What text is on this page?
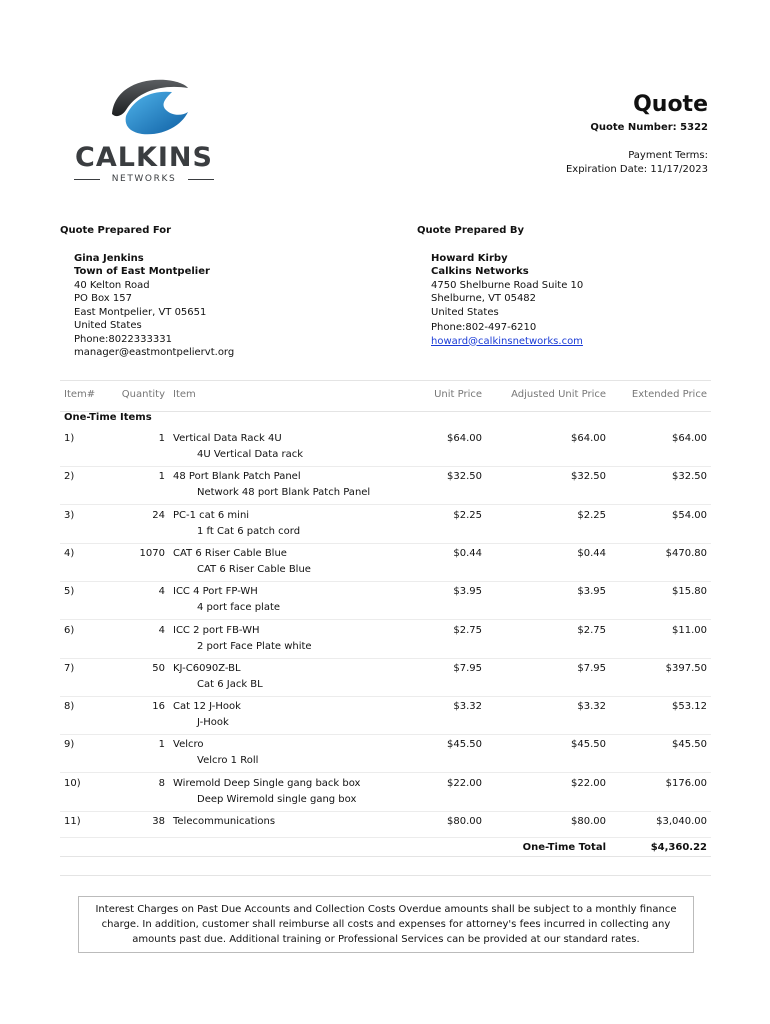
CALKINS
NETWORKS
Quote
Quote Number: 5322
Payment Terms:
Expiration Date: 11/17/2023
Quote Prepared For
Gina Jenkins
Town of East Montpelier
40 Kelton Road
PO Box 157
East Montpelier, VT 05651
United States
Phone:8022333331
manager@eastmontpeliervt.org
Quote Prepared By
Howard Kirby
Calkins Networks
4750 Shelburne Road Suite 10
Shelburne, VT 05482
United States
Phone:802-497-6210
howard@calkinsnetworks.com
Item#	Quantity Item	Unit Price	Adjusted Unit Price	Extended Price
One-Time Items
1)	1 Vertical Data Rack 4U
4U Vertical Data rack
$64.00	$64.00	$64.00
2)	1 48 Port Blank Patch Panel
Network 48 port Blank Patch Panel
$32.50	$32.50	$32.50
3)	24 PC-1 cat 6 mini
1 ft Cat 6 patch cord
$2.25	$2.25	$54.00
4)	1070 CAT 6 Riser Cable Blue
CAT 6 Riser Cable Blue
$0.44	$0.44	$470.80
5)	4 ICC 4 Port FP-WH
4 port face plate
$3.95	$3.95	$15.80
6)	4 ICC 2 port FB-WH
2 port Face Plate white
$2.75	$2.75	$11.00
7)	50 KJ-C6090Z-BL
Cat 6 Jack BL
$7.95	$7.95	$397.50
8)	16 Cat 12 J-Hook
J-Hook
$3.32	$3.32	$53.12
9)	1 Velcro
Velcro 1 Roll
$45.50	$45.50	$45.50
10)	8 Wiremold Deep Single gang back box
Deep Wiremold single gang box
$22.00	$22.00	$176.00
11)	38 Telecommunications	$80.00	$80.00	$3,040.00
One-Time Total	$4,360.22
Interest Charges on Past Due Accounts and Collection Costs Overdue amounts shall be subject to a monthly finance charge. In addition, customer shall reimburse all costs and expenses for attorney's fees incurred in collecting any amounts past due. Additional training or Professional Services can be provided at our standard rates.
